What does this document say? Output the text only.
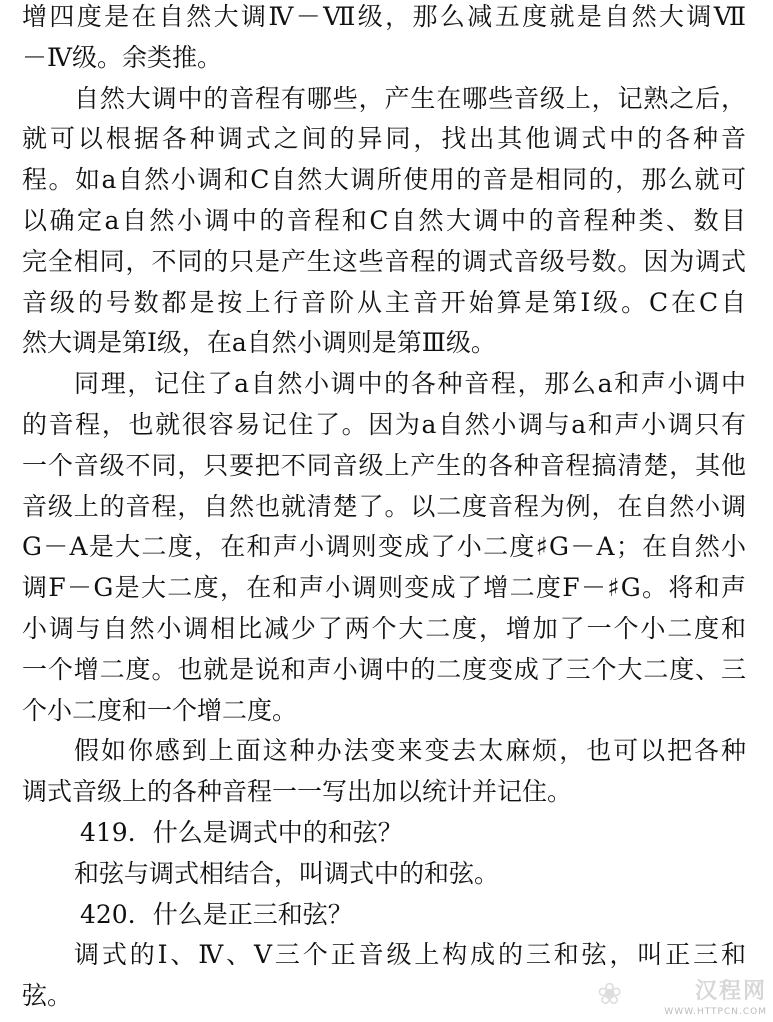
增四度是在自然大调Ⅳ－Ⅶ级，那么减五度就是自然大调Ⅶ
－Ⅳ级。余类推。
自然大调中的音程有哪些，产生在哪些音级上，记熟之后，
就可以根据各种调式之间的异同，找出其他调式中的各种音
程。如a自然小调和C自然大调所使用的音是相同的，那么就可
以确定a自然小调中的音程和C自然大调中的音程种类、数目
完全相同，不同的只是产生这些音程的调式音级号数。因为调式
音级的号数都是按上行音阶从主音开始算是第Ⅰ级。C在C自
然大调是第Ⅰ级，在a自然小调则是第Ⅲ级。
同理，记住了a自然小调中的各种音程，那么a和声小调中
的音程，也就很容易记住了。因为a自然小调与a和声小调只有
一个音级不同，只要把不同音级上产生的各种音程搞清楚，其他
音级上的音程，自然也就清楚了。以二度音程为例，在自然小调
G－A是大二度，在和声小调则变成了小二度♯G－A；在自然小
调F－G是大二度，在和声小调则变成了增二度F－♯G。将和声
小调与自然小调相比减少了两个大二度，增加了一个小二度和
一个增二度。也就是说和声小调中的二度变成了三个大二度、三
个小二度和一个增二度。
假如你感到上面这种办法变来变去太麻烦，也可以把各种
调式音级上的各种音程一一写出加以统计并记住。
419．什么是调式中的和弦？
和弦与调式相结合，叫调式中的和弦。
420．什么是正三和弦？
调式的Ⅰ、Ⅳ、Ⅴ三个正音级上构成的三和弦，叫正三和
弦。	❀	汉程网
WWW.HTTPCN.COM
